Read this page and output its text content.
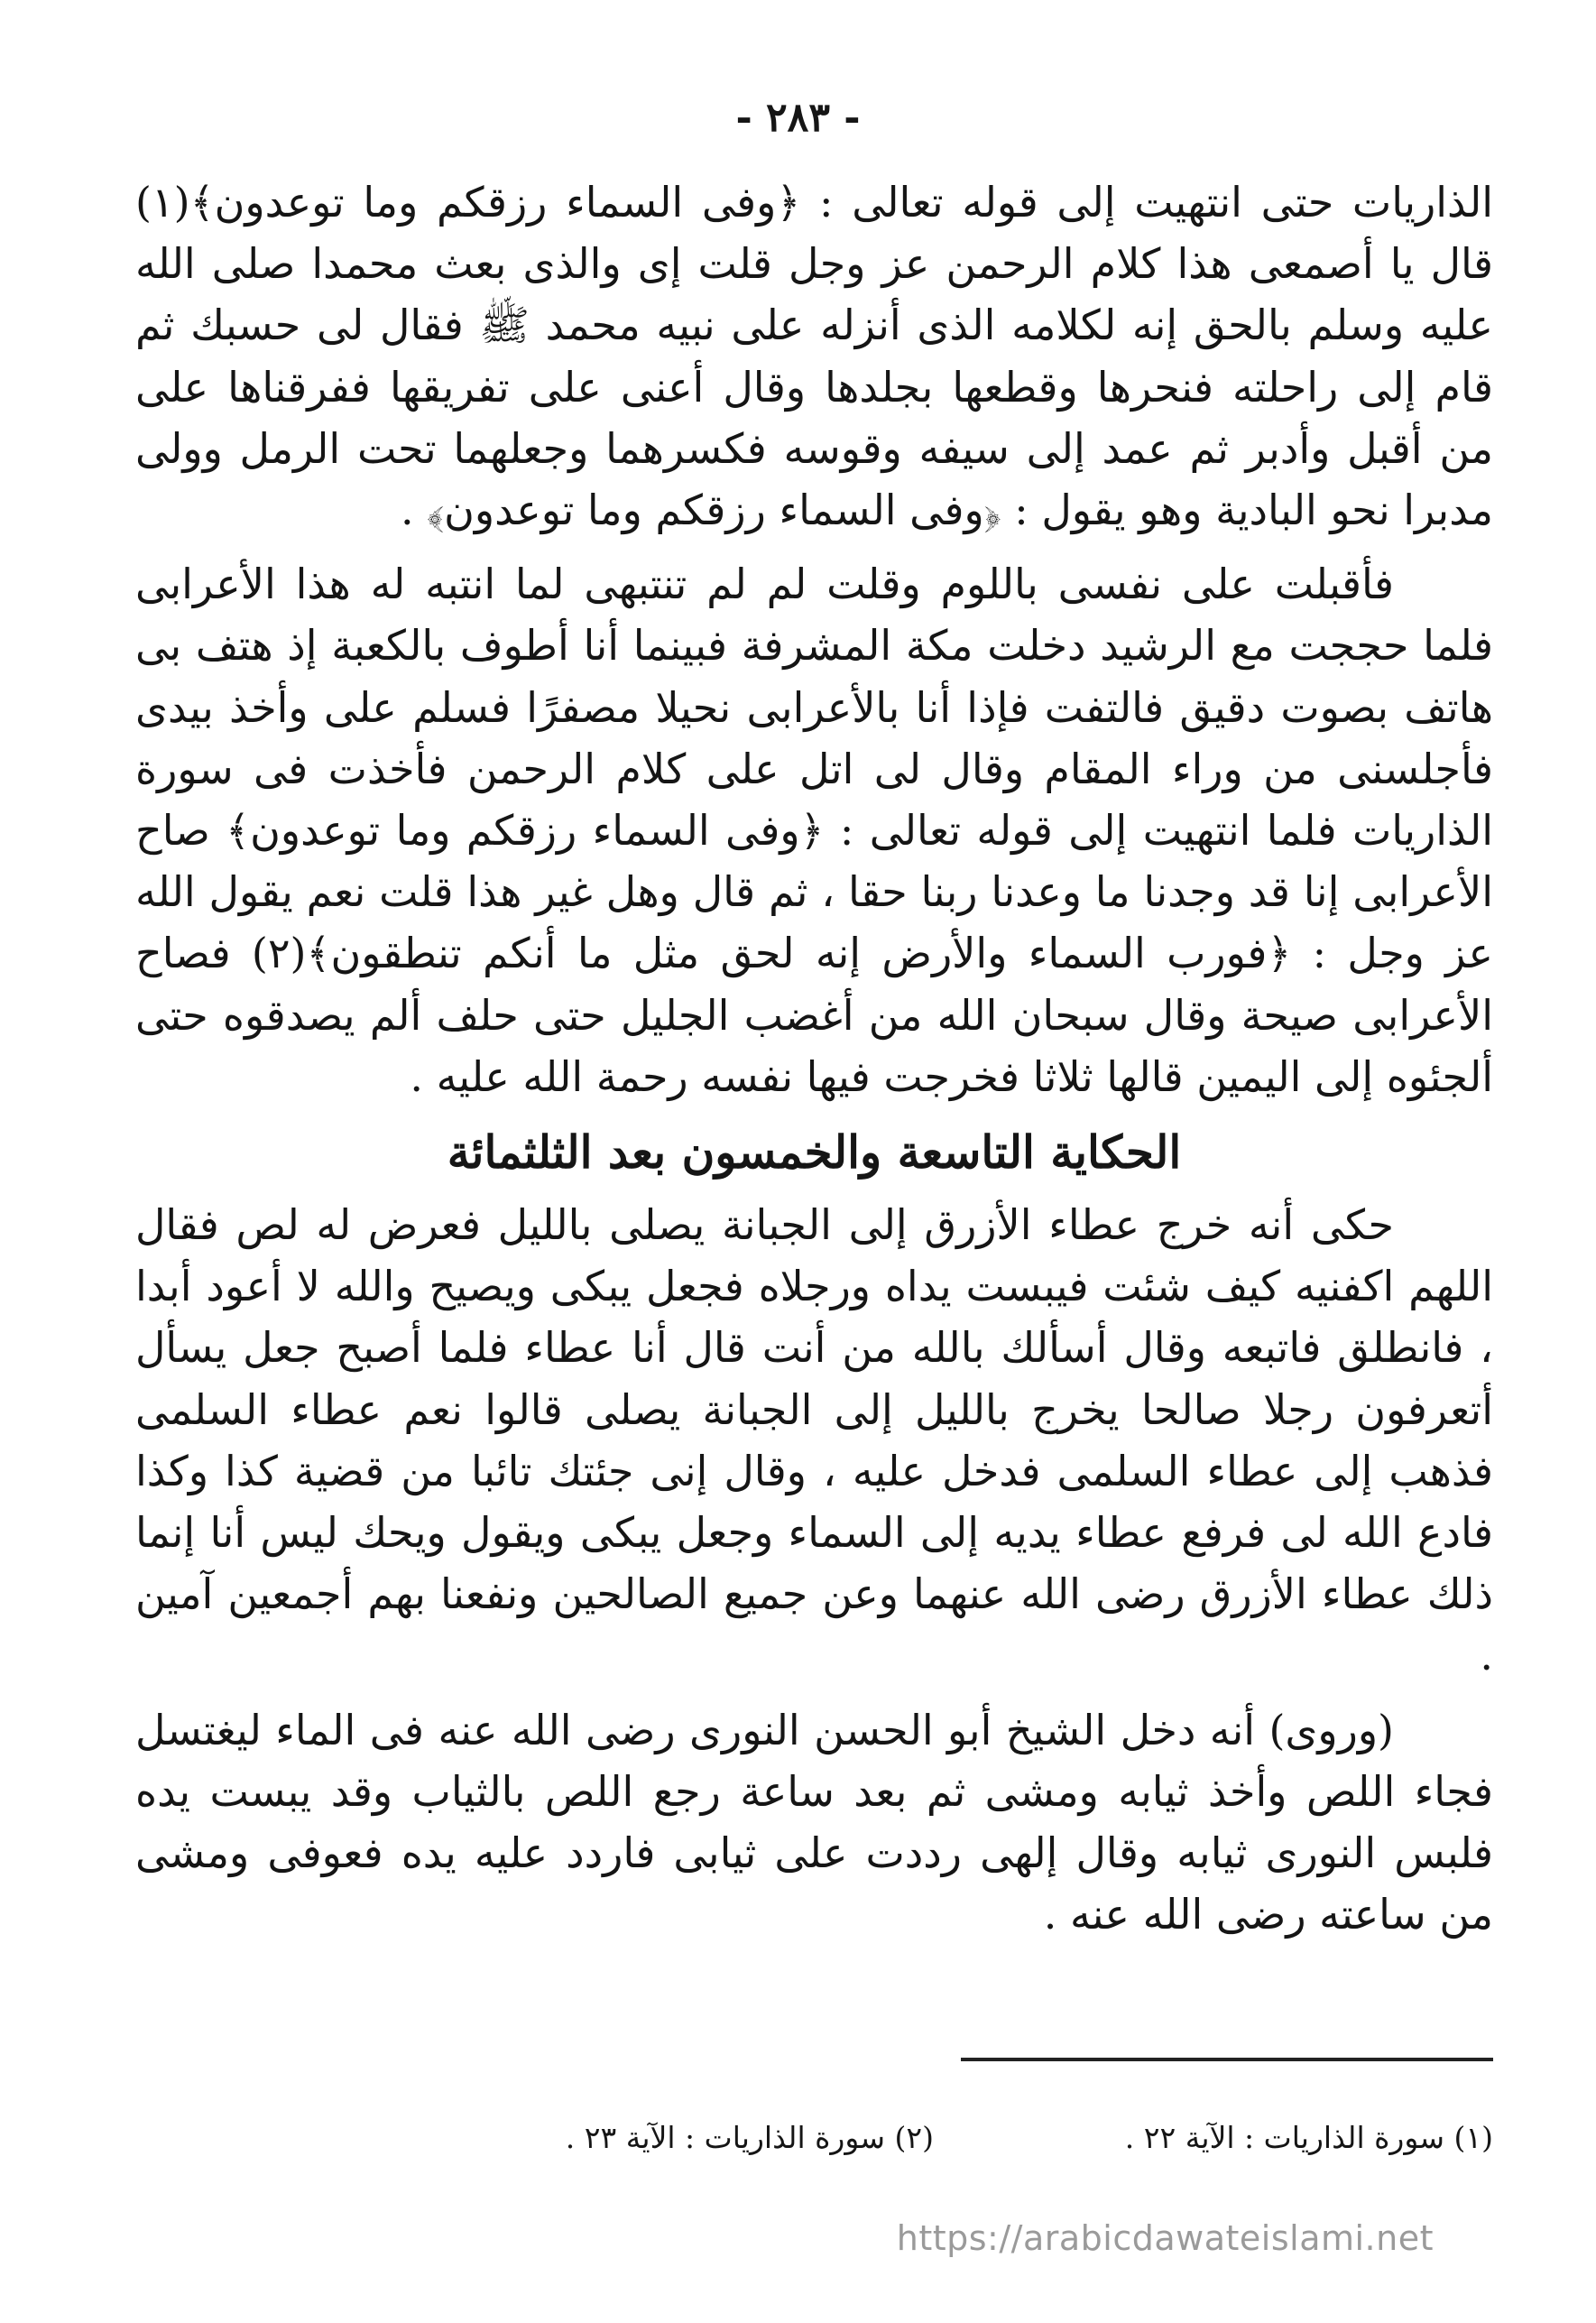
- ٢٨٣ -

الذاريات حتى انتهيت إلى قوله تعالى : ﴿وفى السماء رزقكم وما توعدون﴾(١) قال يا أصمعى هذا كلام الرحمن عز وجل قلت إى والذى بعث محمدا صلى الله عليه وسلم بالحق إنه لكلامه الذى أنزله على نبيه محمد ﷺ فقال لى حسبك ثم قام إلى راحلته فنحرها وقطعها بجلدها وقال أعنى على تفريقها ففرقناها على من أقبل وأدبر ثم عمد إلى سيفه وقوسه فكسرهما وجعلهما تحت الرمل وولى مدبرا نحو البادية وهو يقول : ﴿وفى السماء رزقكم وما توعدون﴾ .

فأقبلت على نفسى باللوم وقلت لم لم تنتبهى لما انتبه له هذا الأعرابى فلما حججت مع الرشيد دخلت مكة المشرفة فبينما أنا أطوف بالكعبة إذ هتف بى هاتف بصوت دقيق فالتفت فإذا أنا بالأعرابى نحيلا مصفرًا فسلم على وأخذ بيدى فأجلسنى من وراء المقام وقال لى اتل على كلام الرحمن فأخذت فى سورة الذاريات فلما انتهيت إلى قوله تعالى : ﴿وفى السماء رزقكم وما توعدون﴾ صاح الأعرابى إنا قد وجدنا ما وعدنا ربنا حقا ، ثم قال وهل غير هذا قلت نعم يقول الله عز وجل : ﴿فورب السماء والأرض إنه لحق مثل ما أنكم تنطقون﴾(٢) فصاح الأعرابى صيحة وقال سبحان الله من أغضب الجليل حتى حلف ألم يصدقوه حتى ألجئوه إلى اليمين قالها ثلاثا فخرجت فيها نفسه رحمة الله عليه .

الحكاية التاسعة والخمسون بعد الثلثمائة

حكى أنه خرج عطاء الأزرق إلى الجبانة يصلى بالليل فعرض له لص فقال اللهم اكفنيه كيف شئت فيبست يداه ورجلاه فجعل يبكى ويصيح والله لا أعود أبدا ، فانطلق فاتبعه وقال أسألك بالله من أنت قال أنا عطاء فلما أصبح جعل يسأل أتعرفون رجلا صالحا يخرج بالليل إلى الجبانة يصلى قالوا نعم عطاء السلمى فذهب إلى عطاء السلمى فدخل عليه ، وقال إنى جئتك تائبا من قضية كذا وكذا فادع الله لى فرفع عطاء يديه إلى السماء وجعل يبكى ويقول ويحك ليس أنا إنما ذلك عطاء الأزرق رضى الله عنهما وعن جميع الصالحين ونفعنا بهم أجمعين آمين .

(وروى) أنه دخل الشيخ أبو الحسن النورى رضى الله عنه فى الماء ليغتسل فجاء اللص وأخذ ثيابه ومشى ثم بعد ساعة رجع اللص بالثياب وقد يبست يده فلبس النورى ثيابه وقال إلهى رددت على ثيابى فاردد عليه يده فعوفى ومشى من ساعته رضى الله عنه .

(١) سورة الذاريات : الآية ٢٢ .
(٢) سورة الذاريات : الآية ٢٣ .
https://arabicdawateislami.net
